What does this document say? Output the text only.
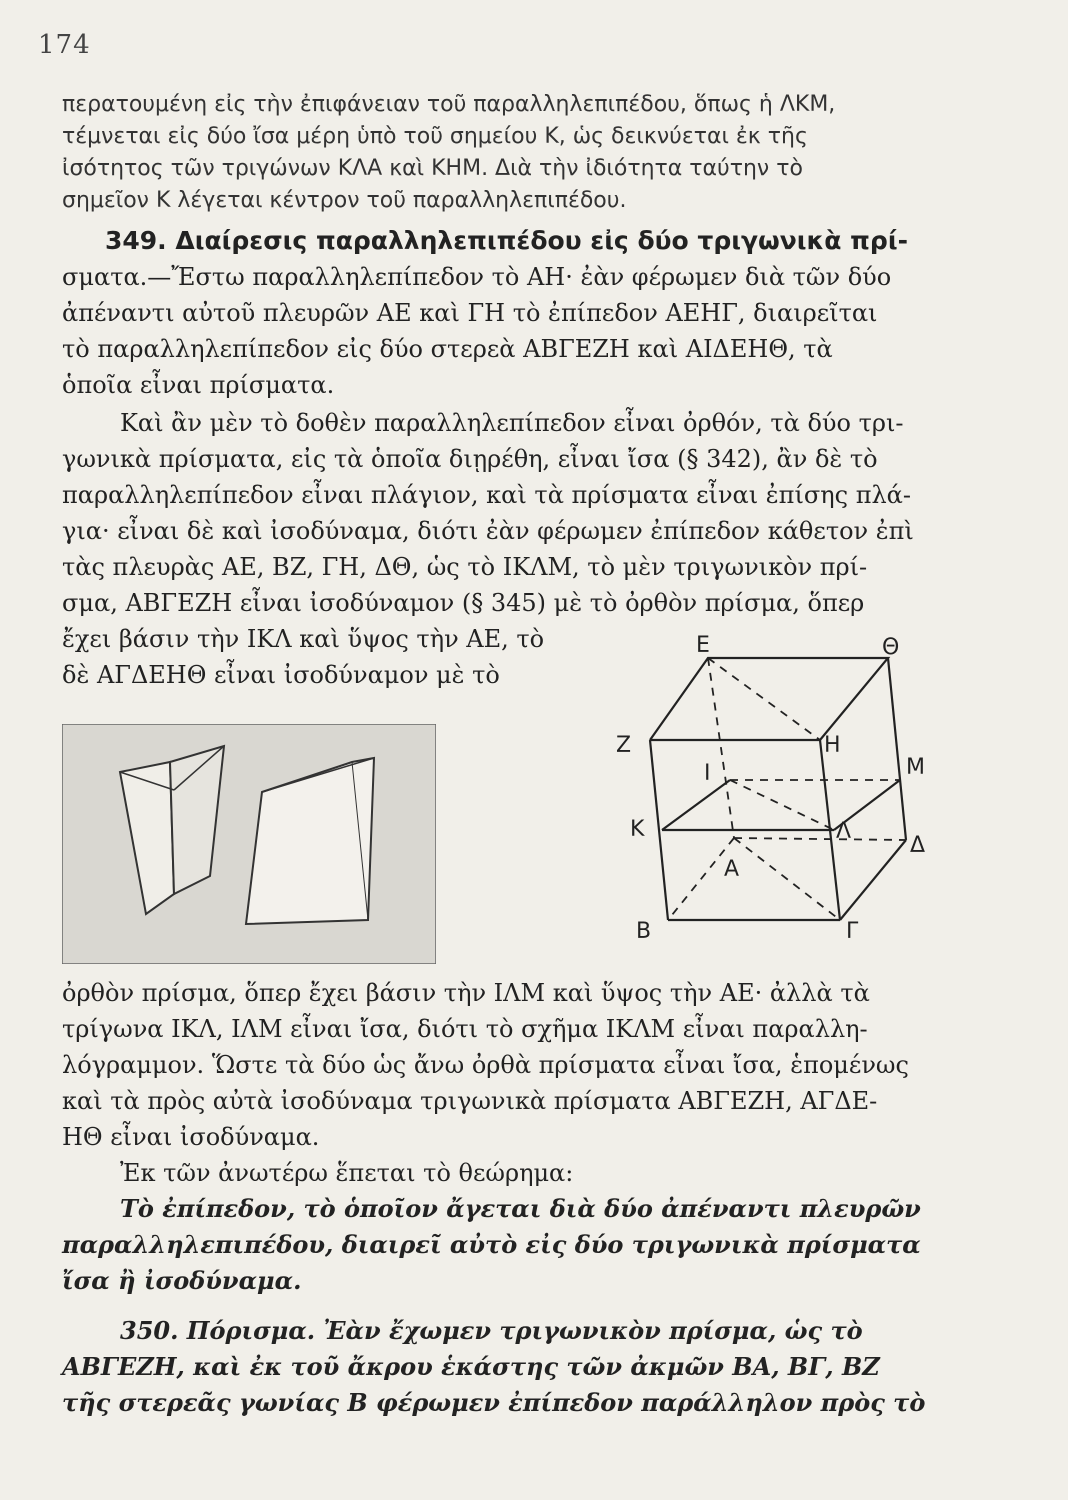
174
περατουμένη εἰς τὴν ἐπιφάνειαν τοῦ παραλληλεπιπέδου, ὅπως ἡ ΛΚΜ,
τέμνεται εἰς δύο ἴσα μέρη ὑπὸ τοῦ σημείου Κ, ὡς δεικνύεται ἐκ τῆς
ἰσότητος τῶν τριγώνων ΚΛΑ καὶ ΚΗΜ. Διὰ τὴν ἰδιότητα ταύτην τὸ
σημεῖον Κ λέγεται κέντρον τοῦ παραλληλεπιπέδου.
349. Διαίρεσις παραλληλεπιπέδου εἰς δύο τριγωνικὰ πρί-
σματα.—Ἔστω παραλληλεπίπεδον τὸ ΑΗ· ἐὰν φέρωμεν διὰ τῶν δύο
ἀπέναντι αὐτοῦ πλευρῶν ΑΕ καὶ ΓΗ τὸ ἐπίπεδον ΑΕΗΓ, διαιρεῖται
τὸ παραλληλεπίπεδον εἰς δύο στερεὰ ΑΒΓΕΖΗ καὶ ΑΙΔΕΗΘ, τὰ
ὁποῖα εἶναι πρίσματα.
Καὶ ἂν μὲν τὸ δοθὲν παραλληλεπίπεδον εἶναι ὀρθόν, τὰ δύο τρι-
γωνικὰ πρίσματα, εἰς τὰ ὁποῖα διῃρέθη, εἶναι ἴσα (§ 342), ἂν δὲ τὸ
παραλληλεπίπεδον εἶναι πλάγιον, καὶ τὰ πρίσματα εἶναι ἐπίσης πλά-
για· εἶναι δὲ καὶ ἰσοδύναμα, διότι ἐὰν φέρωμεν ἐπίπεδον κάθετον ἐπὶ
τὰς πλευρὰς ΑΕ, ΒΖ, ΓΗ, ΔΘ, ὡς τὸ ΙΚΛΜ, τὸ μὲν τριγωνικὸν πρί-
σμα, ΑΒΓΕΖΗ εἶναι ἰσοδύναμον (§ 345) μὲ τὸ ὀρθὸν πρίσμα, ὅπερ
ἔχει βάσιν τὴν ΙΚΛ καὶ ὕψος τὴν ΑΕ, τὸ
δὲ ΑΓΔΕΗΘ εἶναι ἰσοδύναμον μὲ τὸ
Ε	Θ
Ζ	Η
Ι	Μ
Κ	Λ
Δ
Α
Β	Γ
ὀρθὸν πρίσμα, ὅπερ ἔχει βάσιν τὴν ΙΛΜ καὶ ὕψος τὴν ΑΕ· ἀλλὰ τὰ
τρίγωνα ΙΚΛ, ΙΛΜ εἶναι ἴσα, διότι τὸ σχῆμα ΙΚΛΜ εἶναι παραλλη-
λόγραμμον. Ὥστε τὰ δύο ὡς ἄνω ὀρθὰ πρίσματα εἶναι ἴσα, ἑπομένως
καὶ τὰ πρὸς αὐτὰ ἰσοδύναμα τριγωνικὰ πρίσματα ΑΒΓΕΖΗ, ΑΓΔΕ-
ΗΘ εἶναι ἰσοδύναμα.
Ἐκ τῶν ἀνωτέρω ἕπεται τὸ θεώρημα:
Τὸ ἐπίπεδον, τὸ ὁποῖον ἄγεται διὰ δύο ἀπέναντι πλευρῶν
παραλληλεπιπέδου, διαιρεῖ αὐτὸ εἰς δύο τριγωνικὰ πρίσματα
ἴσα ἢ ἰσοδύναμα.
350. Πόρισμα. Ἐὰν ἔχωμεν τριγωνικὸν πρίσμα, ὡς τὸ
ΑΒΓΕΖΗ, καὶ ἐκ τοῦ ἄκρου ἑκάστης τῶν ἀκμῶν ΒΑ, ΒΓ, ΒΖ
τῆς στερεᾶς γωνίας Β φέρωμεν ἐπίπεδον παράλληλον πρὸς τὸ
